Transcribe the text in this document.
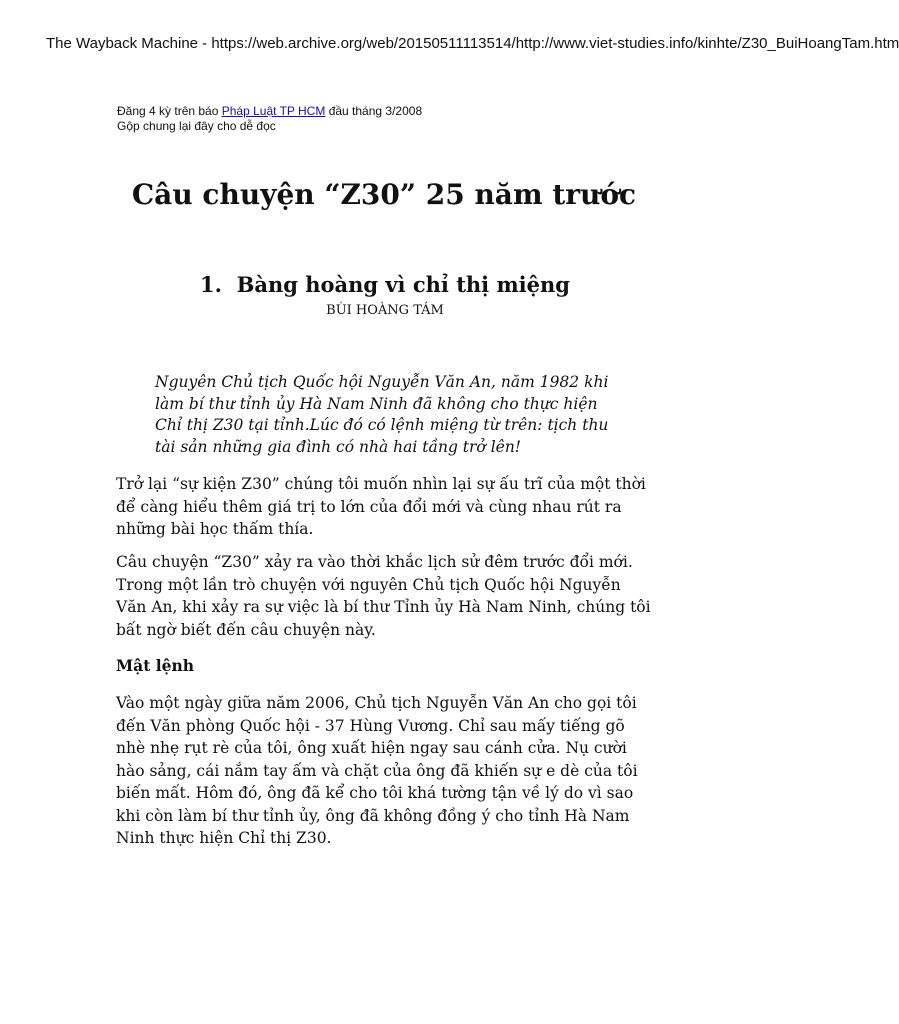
The Wayback Machine - https://web.archive.org/web/20150511113514/http://www.viet-studies.info/kinhte/Z30_BuiHoangTam.htm
Đăng 4 kỳ trên báo Pháp Luật TP HCM đầu tháng 3/2008
Gộp chung lại đây cho dễ đọc
Câu chuyện “Z30” 25 năm trước
1. Bàng hoàng vì chỉ thị miệng
BÙI HOÀNG TÁM

Nguyên Chủ tịch Quốc hội Nguyễn Văn An, năm 1982 khi làm bí thư tỉnh ủy Hà Nam Ninh đã không cho thực hiện Chỉ thị Z30 tại tỉnh.Lúc đó có lệnh miệng từ trên: tịch thu tài sản những gia đình có nhà hai tầng trở lên!

Trở lại “sự kiện Z30” chúng tôi muốn nhìn lại sự ấu trĩ của một thời để càng hiểu thêm giá trị to lớn của đổi mới và cùng nhau rút ra những bài học thấm thía.

Câu chuyện “Z30” xảy ra vào thời khắc lịch sử đêm trước đổi mới. Trong một lần trò chuyện với nguyên Chủ tịch Quốc hội Nguyễn Văn An, khi xảy ra sự việc là bí thư Tỉnh ủy Hà Nam Ninh, chúng tôi bất ngờ biết đến câu chuyện này.

Mật lệnh

Vào một ngày giữa năm 2006, Chủ tịch Nguyễn Văn An cho gọi tôi đến Văn phòng Quốc hội - 37 Hùng Vương. Chỉ sau mấy tiếng gõ nhè nhẹ rụt rè của tôi, ông xuất hiện ngay sau cánh cửa. Nụ cười hào sảng, cái nắm tay ấm và chặt của ông đã khiến sự e dè của tôi biến mất. Hôm đó, ông đã kể cho tôi khá tường tận về lý do vì sao khi còn làm bí thư tỉnh ủy, ông đã không đồng ý cho tỉnh Hà Nam Ninh thực hiện Chỉ thị Z30.
